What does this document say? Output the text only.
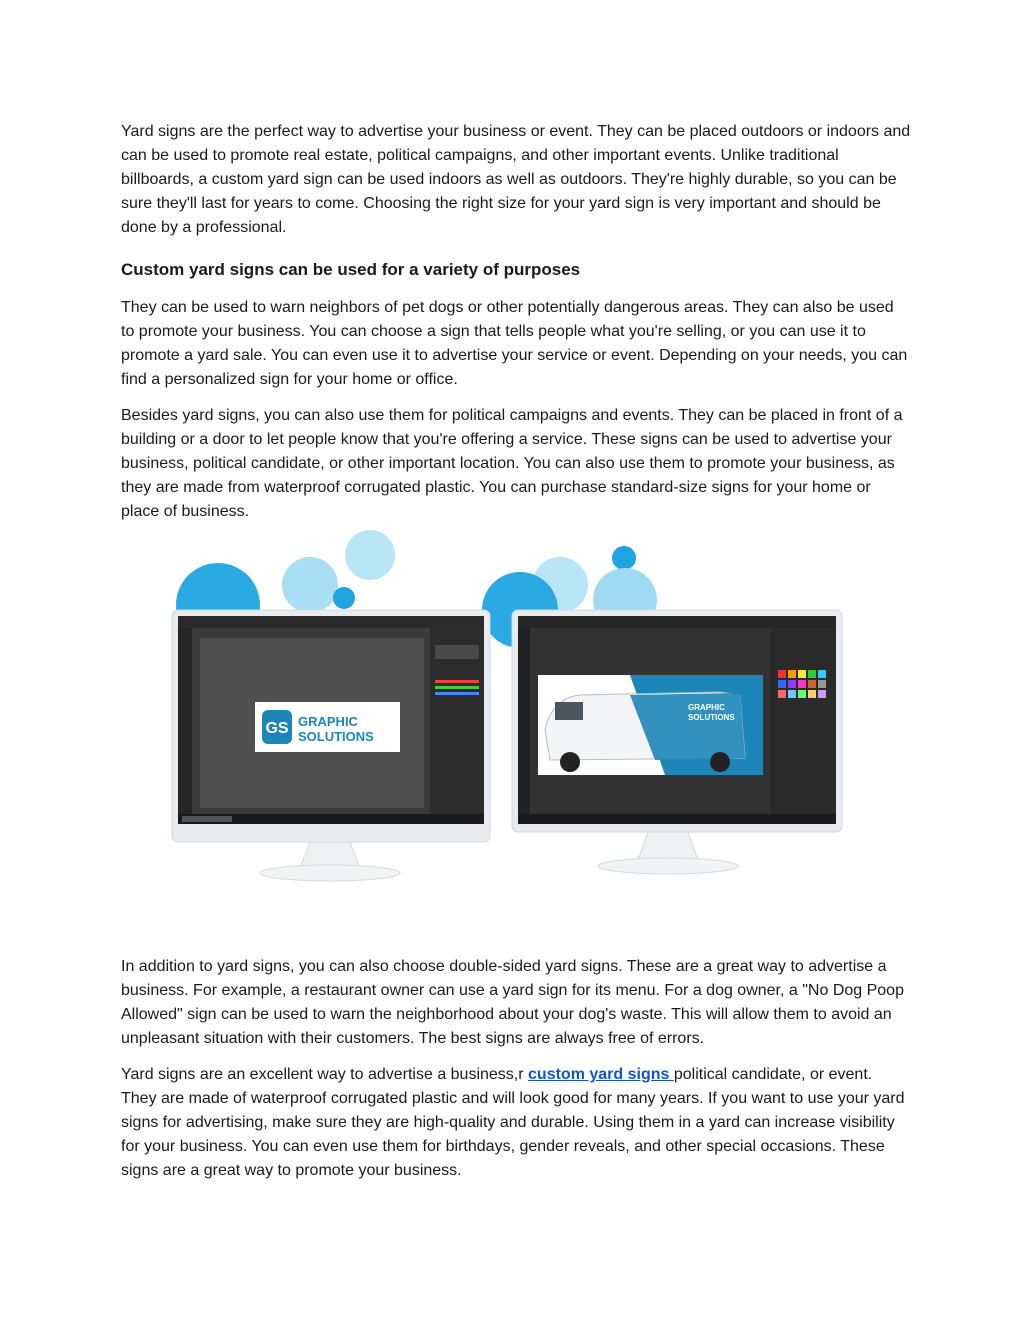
Yard signs are the perfect way to advertise your business or event. They can be placed outdoors or indoors and can be used to promote real estate, political campaigns, and other important events. Unlike traditional billboards, a custom yard sign can be used indoors as well as outdoors. They're highly durable, so you can be sure they'll last for years to come. Choosing the right size for your yard sign is very important and should be done by a professional.

Custom yard signs can be used for a variety of purposes

They can be used to warn neighbors of pet dogs or other potentially dangerous areas. They can also be used to promote your business. You can choose a sign that tells people what you're selling, or you can use it to promote a yard sale. You can even use it to advertise your service or event. Depending on your needs, you can find a personalized sign for your home or office.

Besides yard signs, you can also use them for political campaigns and events. They can be placed in front of a building or a door to let people know that you're offering a service. These signs can be used to advertise your business, political candidate, or other important location. You can also use them to promote your business, as they are made from waterproof corrugated plastic. You can purchase standard-size signs for your home or place of business.

GS GRAPHIC
SOLUTIONS
GRAPHIC
SOLUTIONS

In addition to yard signs, you can also choose double-sided yard signs. These are a great way to advertise a business. For example, a restaurant owner can use a yard sign for its menu. For a dog owner, a "No Dog Poop Allowed" sign can be used to warn the neighborhood about your dog's waste. This will allow them to avoid an unpleasant situation with their customers. The best signs are always free of errors.

Yard signs are an excellent way to advertise a business,r custom yard signs political candidate, or event. They are made of waterproof corrugated plastic and will look good for many years. If you want to use your yard signs for advertising, make sure they are high-quality and durable. Using them in a yard can increase visibility for your business. You can even use them for birthdays, gender reveals, and other special occasions. These signs are a great way to promote your business.
